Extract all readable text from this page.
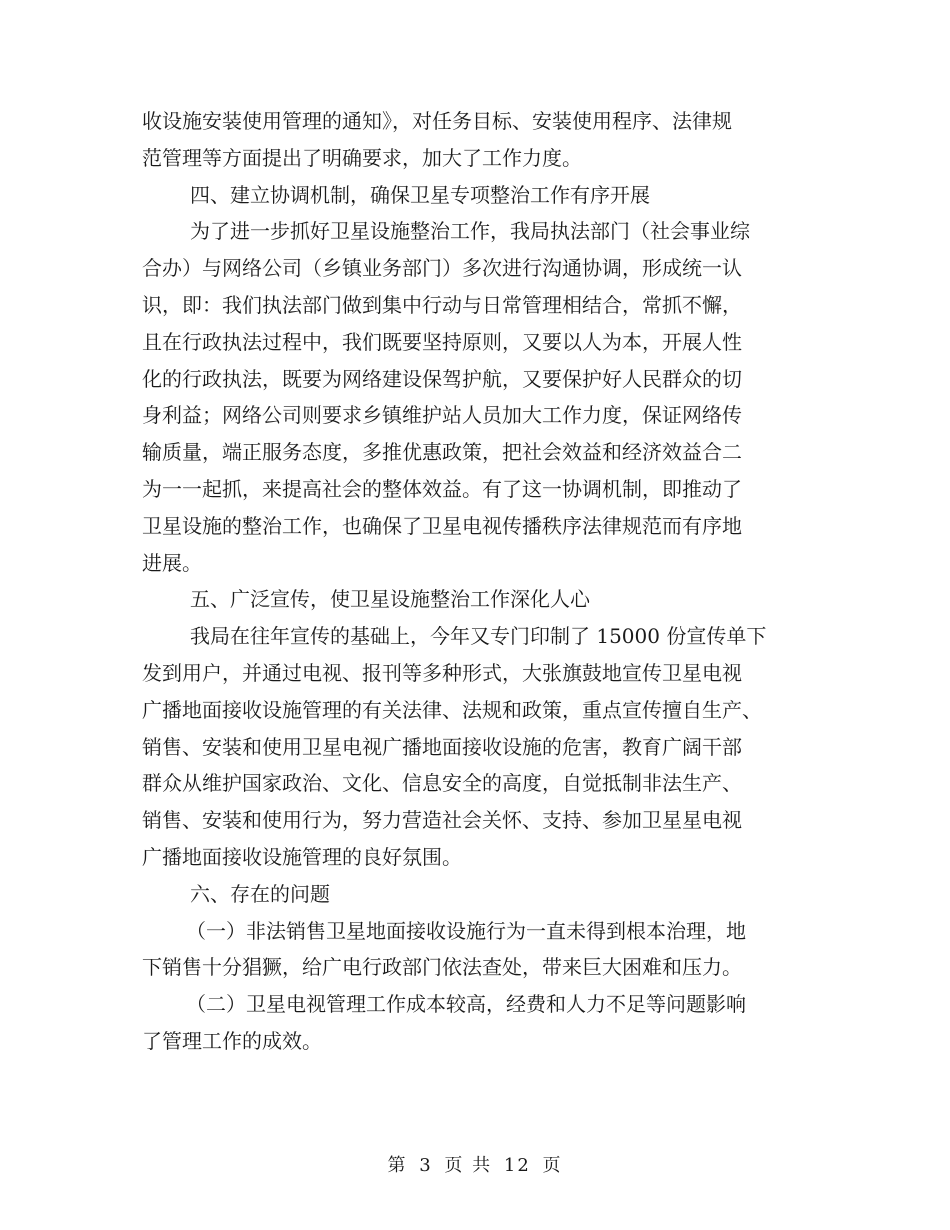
收设施安装使用管理的通知》，对任务目标、安装使用程序、法律规
范管理等方面提出了明确要求，加大了工作力度。
四、建立协调机制，确保卫星专项整治工作有序开展
为了进一步抓好卫星设施整治工作，我局执法部门（社会事业综
合办）与网络公司（乡镇业务部门）多次进行沟通协调，形成统一认
识，即：我们执法部门做到集中行动与日常管理相结合，常抓不懈，
且在行政执法过程中，我们既要坚持原则，又要以人为本，开展人性
化的行政执法，既要为网络建设保驾护航，又要保护好人民群众的切
身利益；网络公司则要求乡镇维护站人员加大工作力度，保证网络传
输质量，端正服务态度，多推优惠政策，把社会效益和经济效益合二
为一一起抓，来提高社会的整体效益。有了这一协调机制，即推动了
卫星设施的整治工作，也确保了卫星电视传播秩序法律规范而有序地
进展。
五、广泛宣传，使卫星设施整治工作深化人心
我局在往年宣传的基础上，今年又专门印制了 15000 份宣传单下
发到用户，并通过电视、报刊等多种形式，大张旗鼓地宣传卫星电视
广播地面接收设施管理的有关法律、法规和政策，重点宣传擅自生产、
销售、安装和使用卫星电视广播地面接收设施的危害，教育广阔干部
群众从维护国家政治、文化、信息安全的高度，自觉抵制非法生产、
销售、安装和使用行为，努力营造社会关怀、支持、参加卫星星电视
广播地面接收设施管理的良好氛围。
六、存在的问题
（一）非法销售卫星地面接收设施行为一直未得到根本治理，地
下销售十分猖獗，给广电行政部门依法查处，带来巨大困难和压力。
（二）卫星电视管理工作成本较高，经费和人力不足等问题影响
了管理工作的成效。
第 3 页 共 12 页
